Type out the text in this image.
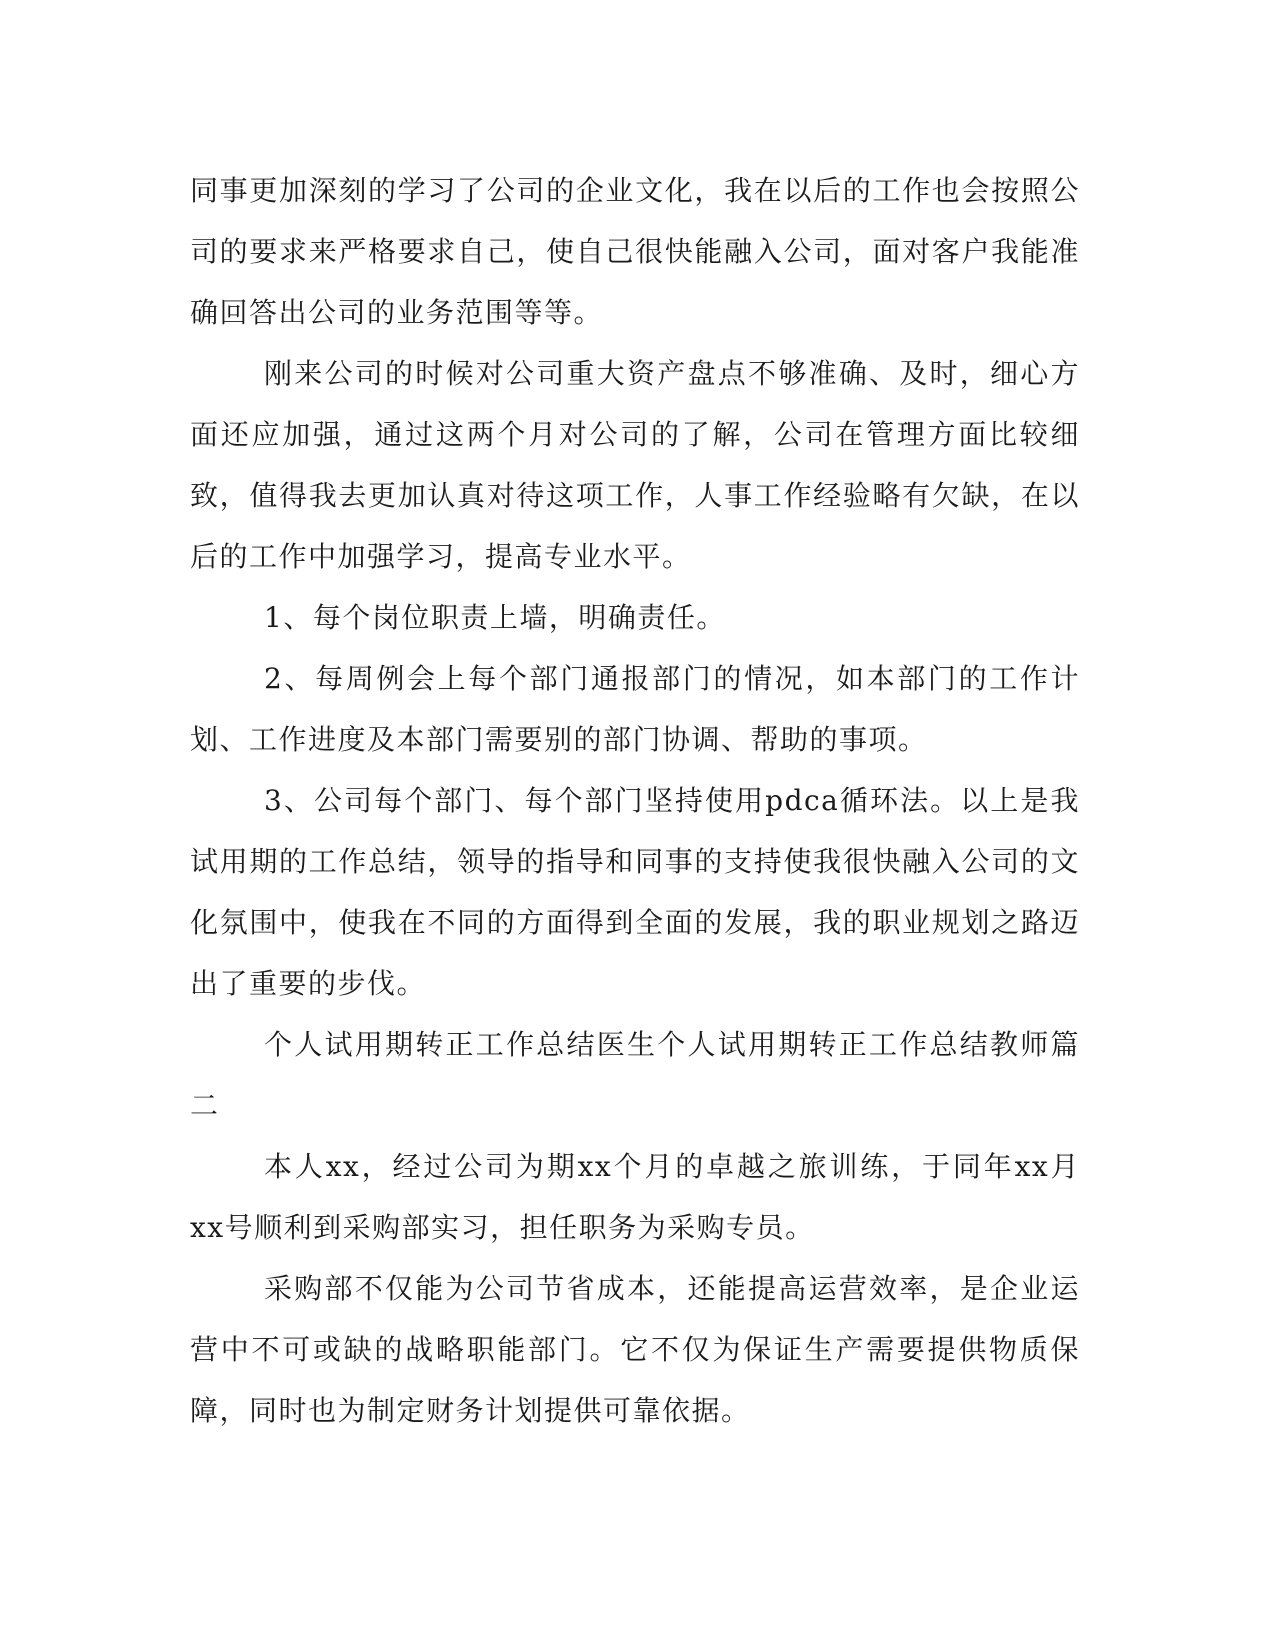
同事更加深刻的学习了公司的企业文化，我在以后的工作也会按照公司的要求来严格要求自己，使自己很快能融入公司，面对客户我能准确回答出公司的业务范围等等。

刚来公司的时候对公司重大资产盘点不够准确、及时，细心方面还应加强，通过这两个月对公司的了解，公司在管理方面比较细致，值得我去更加认真对待这项工作，人事工作经验略有欠缺，在以后的工作中加强学习，提高专业水平。

1、每个岗位职责上墙，明确责任。

2、每周例会上每个部门通报部门的情况，如本部门的工作计划、工作进度及本部门需要别的部门协调、帮助的事项。

3、公司每个部门、每个部门坚持使用pdca循环法。以上是我试用期的工作总结，领导的指导和同事的支持使我很快融入公司的文化氛围中，使我在不同的方面得到全面的发展，我的职业规划之路迈出了重要的步伐。

个人试用期转正工作总结医生个人试用期转正工作总结教师篇二

本人xx，经过公司为期xx个月的卓越之旅训练，于同年xx月xx号顺利到采购部实习，担任职务为采购专员。

采购部不仅能为公司节省成本，还能提高运营效率，是企业运营中不可或缺的战略职能部门。它不仅为保证生产需要提供物质保障，同时也为制定财务计划提供可靠依据。
